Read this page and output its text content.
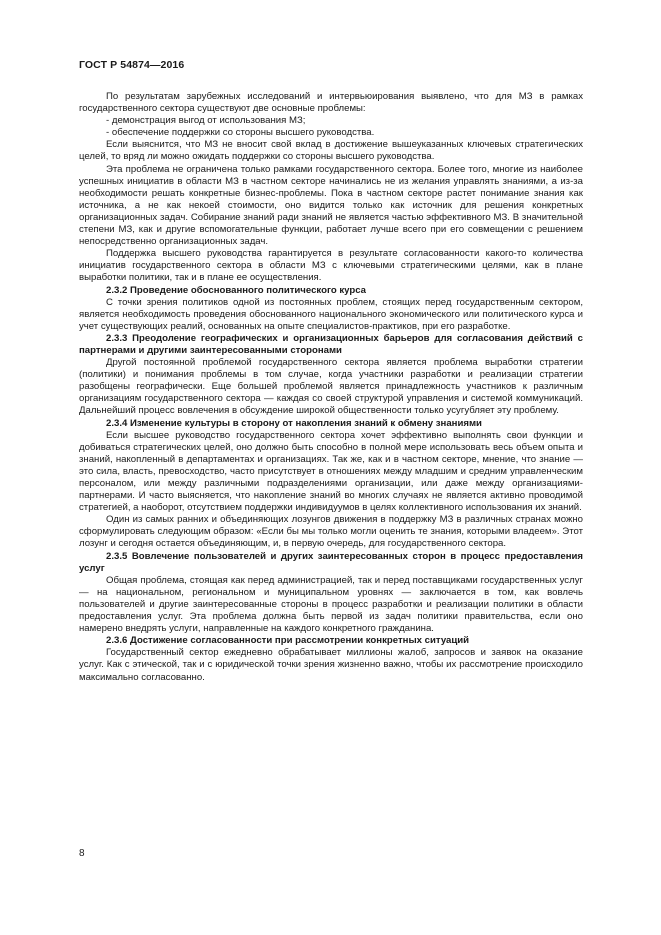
ГОСТ Р 54874—2016

По результатам зарубежных исследований и интервьюирования выявлено, что для МЗ в рамках государственного сектора существуют две основные проблемы:

- демонстрация выгод от использования МЗ;

- обеспечение поддержки со стороны высшего руководства.

Если выяснится, что МЗ не вносит свой вклад в достижение вышеуказанных ключевых стратегических целей, то вряд ли можно ожидать поддержки со стороны высшего руководства.

Эта проблема не ограничена только рамками государственного сектора. Более того, многие из наиболее успешных инициатив в области МЗ в частном секторе начинались не из желания управлять знаниями, а из-за необходимости решать конкретные бизнес-проблемы. Пока в частном секторе растет понимание знания как источника, а не как некоей стоимости, оно видится только как источник для решения конкретных организационных задач. Собирание знаний ради знаний не является частью эффективного МЗ. В значительной степени МЗ, как и другие вспомогательные функции, работает лучше всего при его совмещении с решением непосредственно организационных задач.

Поддержка высшего руководства гарантируется в результате согласованности какого-то количества инициатив государственного сектора в области МЗ с ключевыми стратегическими целями, как в плане выработки политики, так и в плане ее осуществления.

2.3.2 Проведение обоснованного политического курса

С точки зрения политиков одной из постоянных проблем, стоящих перед государственным сектором, является необходимость проведения обоснованного национального экономического или политического курса и учет существующих реалий, основанных на опыте специалистов-практиков, при его разработке.

2.3.3 Преодоление географических и организационных барьеров для согласования действий с партнерами и другими заинтересованными сторонами

Другой постоянной проблемой государственного сектора является проблема выработки стратегии (политики) и понимания проблемы в том случае, когда участники разработки и реализации стратегии разобщены географически. Еще большей проблемой является принадлежность участников к различным организациям государственного сектора — каждая со своей структурой управления и системой коммуникаций. Дальнейший процесс вовлечения в обсуждение широкой общественности только усугубляет эту проблему.

2.3.4 Изменение культуры в сторону от накопления знаний к обмену знаниями

Если высшее руководство государственного сектора хочет эффективно выполнять свои функции и добиваться стратегических целей, оно должно быть способно в полной мере использовать весь объем опыта и знаний, накопленный в департаментах и организациях. Так же, как и в частном секторе, мнение, что знание — это сила, власть, превосходство, часто присутствует в отношениях между младшим и средним управленческим персоналом, или между различными подразделениями организации, или даже между организациями-партнерами. И часто выясняется, что накопление знаний во многих случаях не является активно проводимой стратегией, а наоборот, отсутствием поддержки индивидуумов в целях коллективного использования их знаний.

Один из самых ранних и объединяющих лозунгов движения в поддержку МЗ в различных странах можно сформулировать следующим образом: «Если бы мы только могли оценить те знания, которыми владеем». Этот лозунг и сегодня остается объединяющим, и, в первую очередь, для государственного сектора.

2.3.5 Вовлечение пользователей и других заинтересованных сторон в процесс предоставления услуг

Общая проблема, стоящая как перед администрацией, так и перед поставщиками государственных услуг — на национальном, региональном и муниципальном уровнях — заключается в том, как вовлечь пользователей и другие заинтересованные стороны в процесс разработки и реализации политики в области предоставления услуг. Эта проблема должна быть первой из задач политики правительства, если оно намерено внедрять услуги, направленные на каждого конкретного гражданина.

2.3.6 Достижение согласованности при рассмотрении конкретных ситуаций

Государственный сектор ежедневно обрабатывает миллионы жалоб, запросов и заявок на оказание услуг. Как с этической, так и с юридической точки зрения жизненно важно, чтобы их рассмотрение происходило максимально согласованно.

8
